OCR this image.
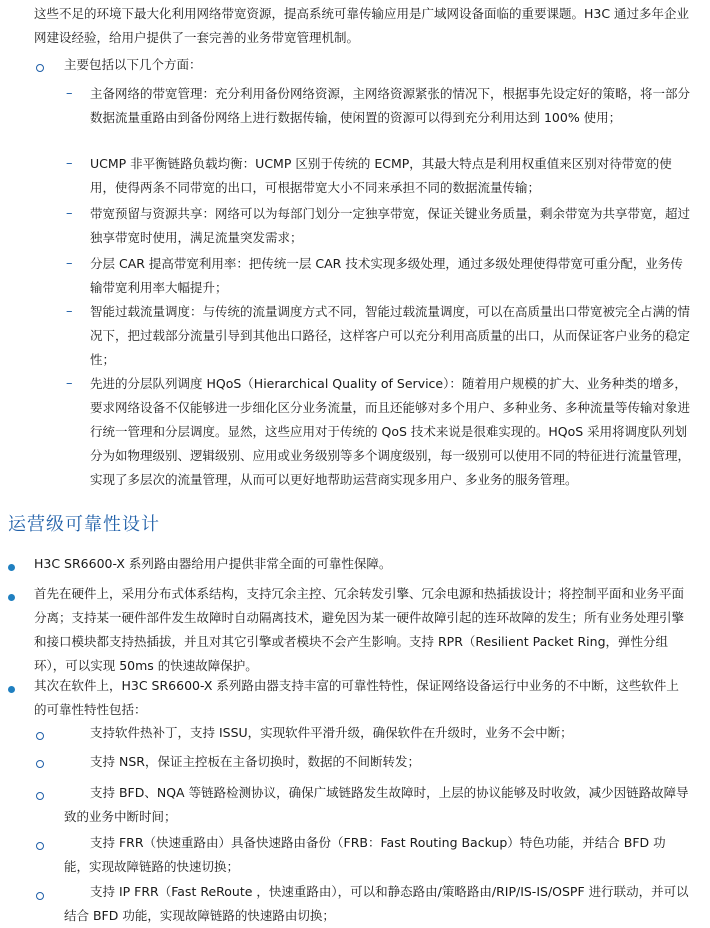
这些不足的环境下最大化利用网络带宽资源，提高系统可靠传输应用是广域网设备面临的重要课题。H3C 通过多年企业网建设经验，给用户提供了一套完善的业务带宽管理机制。

主要包括以下几个方面：

– 主备网络的带宽管理：充分利用备份网络资源，主网络资源紧张的情况下，根据事先设定好的策略，将一部分数据流量重路由到备份网络上进行数据传输，使闲置的资源可以得到充分利用达到 100% 使用；

– UCMP 非平衡链路负载均衡：UCMP 区别于传统的 ECMP，其最大特点是利用权重值来区别对待带宽的使用，使得两条不同带宽的出口，可根据带宽大小不同来承担不同的数据流量传输；

– 带宽预留与资源共享：网络可以为每部门划分一定独享带宽，保证关键业务质量，剩余带宽为共享带宽，超过独享带宽时使用，满足流量突发需求；

– 分层 CAR 提高带宽利用率：把传统一层 CAR 技术实现多级处理，通过多级处理使得带宽可重分配，业务传输带宽利用率大幅提升；

– 智能过载流量调度：与传统的流量调度方式不同，智能过载流量调度，可以在高质量出口带宽被完全占满的情况下，把过载部分流量引导到其他出口路径，这样客户可以充分利用高质量的出口，从而保证客户业务的稳定性；

– 先进的分层队列调度 HQoS（Hierarchical Quality of Service）：随着用户规模的扩大、业务种类的增多，要求网络设备不仅能够进一步细化区分业务流量，而且还能够对多个用户、多种业务、多种流量等传输对象进行统一管理和分层调度。显然，这些应用对于传统的 QoS 技术来说是很难实现的。HQoS 采用将调度队列划分为如物理级别、逻辑级别、应用或业务级别等多个调度级别，每一级别可以使用不同的特征进行流量管理，实现了多层次的流量管理，从而可以更好地帮助运营商实现多用户、多业务的服务管理。

运营级可靠性设计

H3C SR6600-X 系列路由器给用户提供非常全面的可靠性保障。

首先在硬件上，采用分布式体系结构，支持冗余主控、冗余转发引擎、冗余电源和热插拔设计；将控制平面和业务平面分离；支持某一硬件部件发生故障时自动隔离技术，避免因为某一硬件故障引起的连环故障的发生；所有业务处理引擎和接口模块都支持热插拔，并且对其它引擎或者模块不会产生影响。支持 RPR（Resilient Packet Ring，弹性分组环），可以实现 50ms 的快速故障保护。

其次在软件上，H3C SR6600-X 系列路由器支持丰富的可靠性特性，保证网络设备运行中业务的不中断，这些软件上的可靠性特性包括：

支持软件热补丁，支持 ISSU，实现软件平滑升级，确保软件在升级时，业务不会中断；

支持 NSR，保证主控板在主备切换时，数据的不间断转发；

支持 BFD、NQA 等链路检测协议，确保广域链路发生故障时，上层的协议能够及时收敛，减少因链路故障导致的业务中断时间；

支持 FRR（快速重路由）具备快速路由备份（FRB：Fast Routing Backup）特色功能，并结合 BFD 功能，实现故障链路的快速切换；

支持 IP FRR（Fast ReRoute ，快速重路由），可以和静态路由/策略路由/RIP/IS-IS/OSPF 进行联动，并可以结合 BFD 功能，实现故障链路的快速路由切换；
